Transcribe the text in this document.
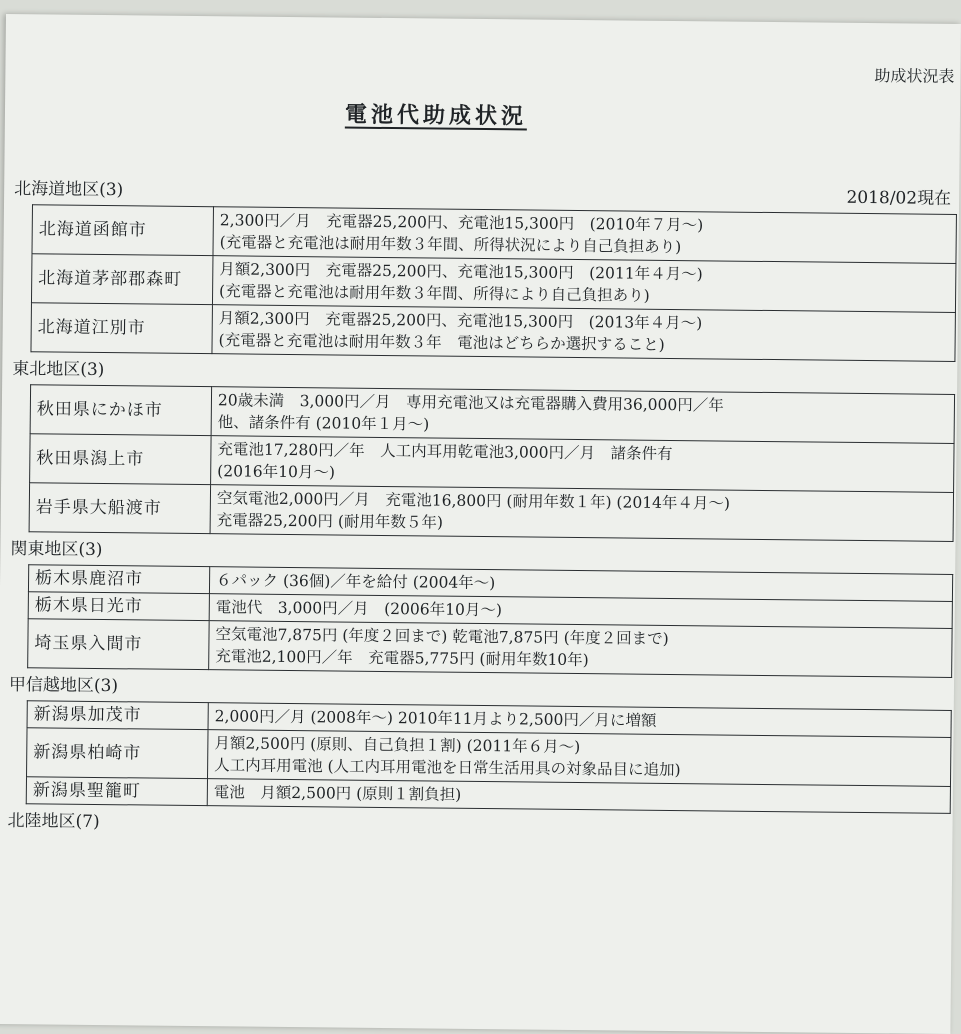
助成状況表
電池代助成状況
2018/02現在
北海道地区(3)
北海道函館市	2,300円／月　充電器25,200円、充電池15,300円　(2010年７月～)
(充電器と充電池は耐用年数３年間、所得状況により自己負担あり)

北海道茅部郡森町	月額2,300円　充電器25,200円、充電池15,300円　(2011年４月～)
(充電器と充電池は耐用年数３年間、所得により自己負担あり)

北海道江別市	月額2,300円　充電器25,200円、充電池15,300円　(2013年４月～)
(充電器と充電池は耐用年数３年　電池はどちらか選択すること)
東北地区(3)
秋田県にかほ市	20歳未満　3,000円／月　専用充電池又は充電器購入費用36,000円／年
他、諸条件有 (2010年１月～)

秋田県潟上市	充電池17,280円／年　人工内耳用乾電池3,000円／月　諸条件有
(2016年10月～)

岩手県大船渡市	空気電池2,000円／月　充電池16,800円 (耐用年数１年) (2014年４月～)
充電器25,200円 (耐用年数５年)
関東地区(3)
栃木県鹿沼市	６パック (36個)／年を給付 (2004年～)

栃木県日光市	電池代　3,000円／月　(2006年10月～)

埼玉県入間市	空気電池7,875円 (年度２回まで) 乾電池7,875円 (年度２回まで)
充電池2,100円／年　充電器5,775円 (耐用年数10年)
甲信越地区(3)
新潟県加茂市	2,000円／月 (2008年～) 2010年11月より2,500円／月に増額

新潟県柏崎市	月額2,500円 (原則、自己負担１割) (2011年６月～)
人工内耳用電池 (人工内耳用電池を日常生活用具の対象品目に追加)

新潟県聖籠町	電池　月額2,500円 (原則１割負担)
北陸地区(7)
